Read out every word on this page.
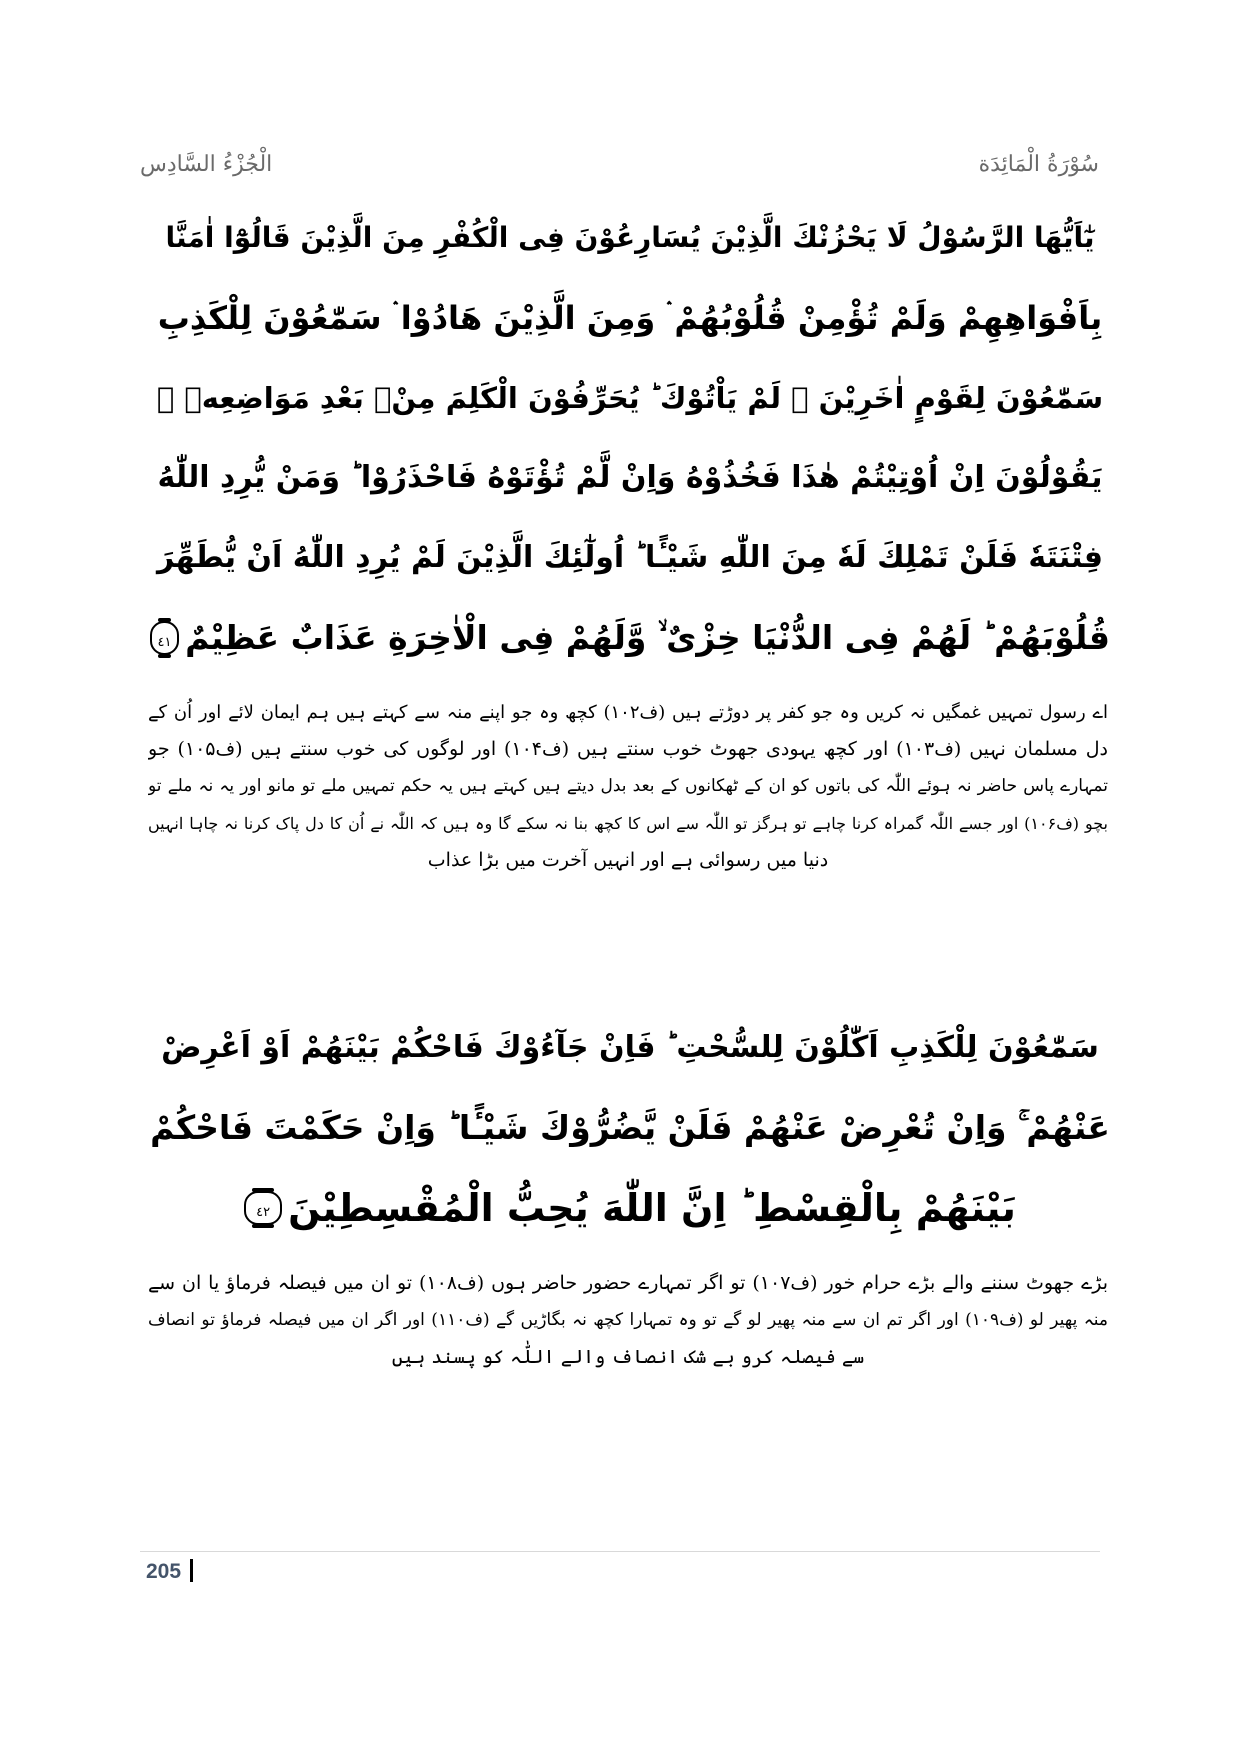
سُوْرَةُ الْمَائِدَة
الْجُزْءُ السَّادِس
يٰٓاَيُّهَا الرَّسُوْلُ لَا يَحْزُنْكَ الَّذِيْنَ يُسَارِعُوْنَ فِى الْكُفْرِ مِنَ الَّذِيْنَ قَالُوْٓا اٰمَنَّا
بِاَفْوَاهِهِمْ وَلَمْ تُؤْمِنْ قُلُوْبُهُمْ ۛ وَمِنَ الَّذِيْنَ هَادُوْا ۛ سَمّٰعُوْنَ لِلْكَذِبِ
سَمّٰعُوْنَ لِقَوْمٍ اٰخَرِيْنَ ۙ لَمْ يَاْتُوْكَ ؕ يُحَرِّفُوْنَ الْكَلِمَ مِنْۢ بَعْدِ مَوَاضِعِهٖ ۚ
يَقُوْلُوْنَ اِنْ اُوْتِيْتُمْ هٰذَا فَخُذُوْهُ وَاِنْ لَّمْ تُؤْتَوْهُ فَاحْذَرُوْا ؕ وَمَنْ يُّرِدِ اللّٰهُ
فِتْنَتَهٗ فَلَنْ تَمْلِكَ لَهٗ مِنَ اللّٰهِ شَيْـًٔا ؕ اُولٰٓئِكَ الَّذِيْنَ لَمْ يُرِدِ اللّٰهُ اَنْ يُّطَهِّرَ
قُلُوْبَهُمْ ؕ لَهُمْ فِى الدُّنْيَا خِزْىٌ ۙ وَّلَهُمْ فِى الْاٰخِرَةِ عَذَابٌ عَظِيْمٌ
٤١
اے رسول تمہیں غمگیں نہ کریں وہ جو کفر پر دوڑتے ہیں (ف۱۰۲) کچھ وہ جو اپنے منہ سے کہتے ہیں ہم ایمان لائے اور اُن کے
دل مسلمان نہیں (ف۱۰۳) اور کچھ یہودی جھوٹ خوب سنتے ہیں (ف۱۰۴) اور لوگوں کی خوب سنتے ہیں (ف۱۰۵) جو
تمہارے پاس حاضر نہ ہوئے اللّٰہ کی باتوں کو ان کے ٹھکانوں کے بعد بدل دیتے ہیں کہتے ہیں یہ حکم تمہیں ملے تو مانو اور یہ نہ ملے تو
بچو (ف۱۰۶) اور جسے اللّٰہ گمراہ کرنا چاہے تو ہرگز تو اللّٰہ سے اس کا کچھ بنا نہ سکے گا وہ ہیں کہ اللّٰہ نے اُن کا دل پاک کرنا نہ چاہا انہیں
دنیا میں رسوائی ہے اور انہیں آخرت میں بڑا عذاب
سَمّٰعُوْنَ لِلْكَذِبِ اَكّٰلُوْنَ لِلسُّحْتِ ؕ فَاِنْ جَآءُوْكَ فَاحْكُمْ بَيْنَهُمْ اَوْ اَعْرِضْ
عَنْهُمْ ۚ وَاِنْ تُعْرِضْ عَنْهُمْ فَلَنْ يَّضُرُّوْكَ شَيْـًٔا ؕ وَاِنْ حَكَمْتَ فَاحْكُمْ
بَيْنَهُمْ بِالْقِسْطِ ؕ اِنَّ اللّٰهَ يُحِبُّ الْمُقْسِطِيْنَ
٤٢
بڑے جھوٹ سننے والے بڑے حرام خور (ف۱۰۷) تو اگر تمہارے حضور حاضر ہوں (ف۱۰۸) تو ان میں فیصلہ فرماؤ یا ان سے
منہ پھیر لو (ف۱۰۹) اور اگر تم ان سے منہ پھیر لو گے تو وہ تمہارا کچھ نہ بگاڑیں گے (ف۱۱۰) اور اگر ان میں فیصلہ فرماؤ تو انصاف
سے فیصلہ کرو بے شک انصاف والے اللّٰہ کو پسند ہیں
205
